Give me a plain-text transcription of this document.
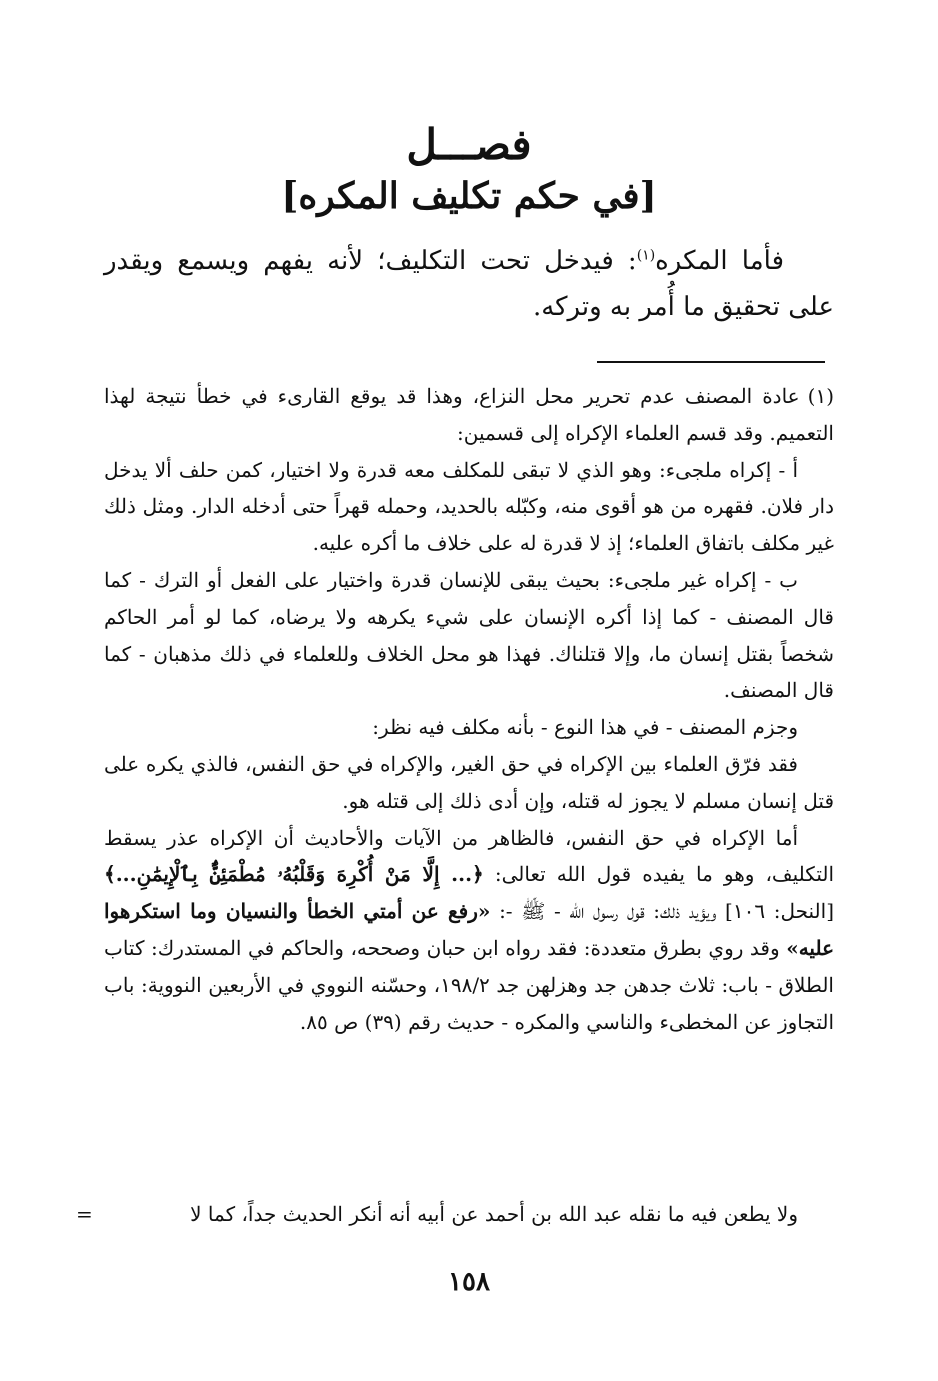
فصـــل
[في حكم تكليف المكره]

فأما المكره$^{(١)}$: فيدخل تحت التكليف؛ لأنه يفهم ويسمع ويقدر على تحقيق ما أُمر به وتركه.

(١)عادة المصنف عدم تحرير محل النزاع، وهذا قد يوقع القارىء في خطأ نتيجة لهذا التعميم. وقد قسم العلماء الإكراه إلى قسمين:

أ - إكراه ملجىء: وهو الذي لا تبقى للمكلف معه قدرة ولا اختيار، كمن حلف ألا يدخل دار فلان. فقهره من هو أقوى منه، وكبّله بالحديد، وحمله قهراً حتى أدخله الدار. ومثل ذلك غير مكلف باتفاق العلماء؛ إذ لا قدرة له على خلاف ما أكره عليه.

ب - إكراه غير ملجىء: بحيث يبقى للإنسان قدرة واختيار على الفعل أو الترك - كما قال المصنف - كما إذا أكره الإنسان على شيء يكرهه ولا يرضاه، كما لو أمر الحاكم شخصاً بقتل إنسان ما، وإلا قتلناك. فهذا هو محل الخلاف وللعلماء في ذلك مذهبان - كما قال المصنف.

وجزم المصنف - في هذا النوع - بأنه مكلف فيه نظر:

فقد فرّق العلماء بين الإكراه في حق الغير، والإكراه في حق النفس، فالذي يكره على قتل إنسان مسلم لا يجوز له قتله، وإن أدى ذلك إلى قتله هو.

أما الإكراه في حق النفس، فالظاهر من الآيات والأحاديث أن الإكراه عذر يسقط التكليف، وهو ما يفيده قول الله تعالى: ﴿... إِلَّا مَنْ أُكْرِهَ وَقَلْبُهُۥ مُطْمَئِنٌّۢ بِٱلْإِيمَٰنِ...﴾ [النحل: ١٠٦] ويؤيد ذلك: قول رسول الله - ﷺ -: «رفع عن أمتي الخطأ والنسيان وما استكرهوا عليه» وقد روي بطرق متعددة: فقد رواه ابن حبان وصححه، والحاكم في المستدرك: كتاب الطلاق - باب: ثلاث جدهن جد وهزلهن جد ١٩٨/٢، وحسّنه النووي في الأربعين النووية: باب التجاوز عن المخطىء والناسي والمكره - حديث رقم (٣٩) ص ٨٥.

ولا يطعن فيه ما نقله عبد الله بن أحمد عن أبيه أنه أنكر الحديث جداً، كما لا

=
١٥٨
